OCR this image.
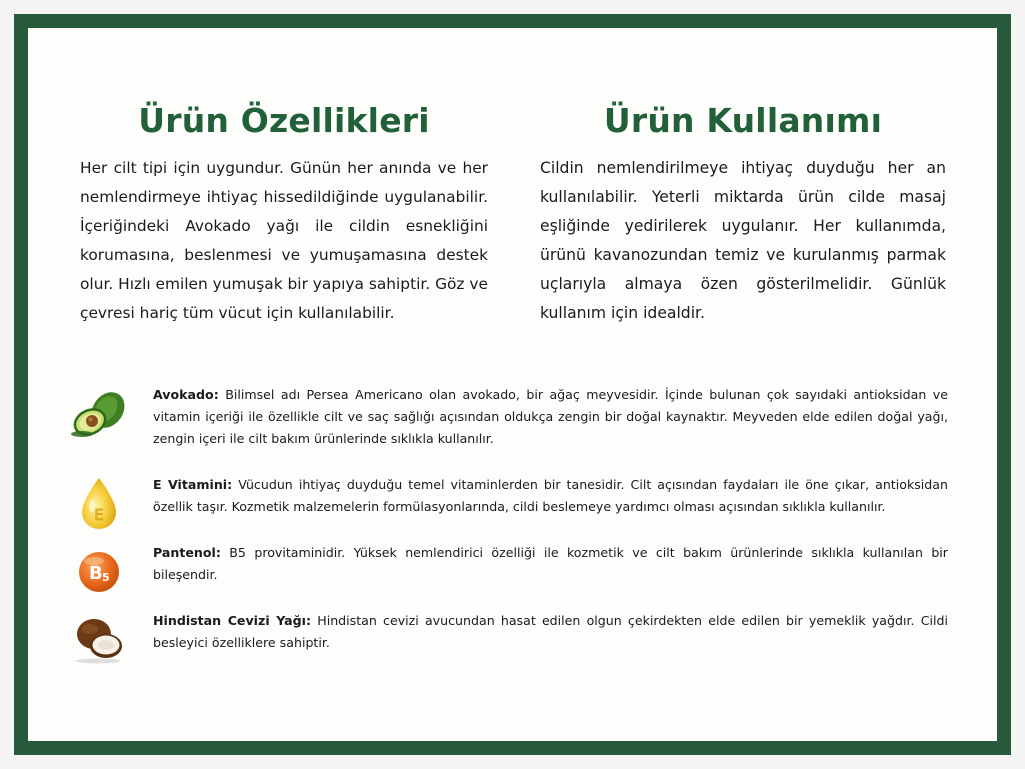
Ürün Özellikleri

Her cilt tipi için uygundur. Günün her anında ve her nemlendirmeye ihtiyaç hissedildiğinde uygulanabilir. İçeriğindeki Avokado yağı ile cildin esnekliğini korumasına, beslenmesi ve yumuşamasına destek olur. Hızlı emilen yumuşak bir yapıya sahiptir. Göz ve çevresi hariç tüm vücut için kullanılabilir.

Ürün Kullanımı

Cildin nemlendirilmeye ihtiyaç duyduğu her an kullanılabilir. Yeterli miktarda ürün cilde masaj eşliğinde yedirilerek uygulanır. Her kullanımda, ürünü kavanozundan temiz ve kurulanmış parmak uçlarıyla almaya özen gösterilmelidir. Günlük kullanım için idealdir.

Avokado: Bilimsel adı Persea Americano olan avokado, bir ağaç meyvesidir. İçinde bulunan çok sayıdaki antioksidan ve vitamin içeriği ile özellikle cilt ve saç sağlığı açısından oldukça zengin bir doğal kaynaktır. Meyveden elde edilen doğal yağı, zengin içeri ile cilt bakım ürünlerinde sıklıkla kullanılır.

E

E Vitamini: Vücudun ihtiyaç duyduğu temel vitaminlerden bir tanesidir. Cilt açısından faydaları ile öne çıkar, antioksidan özellik taşır. Kozmetik malzemelerin formülasyonlarında, cildi beslemeye yardımcı olması açısından sıklıkla kullanılır.

B 5

Pantenol: B5 provitaminidir. Yüksek nemlendirici özelliği ile kozmetik ve cilt bakım ürünlerinde sıklıkla kullanılan bir bileşendir.

Hindistan Cevizi Yağı: Hindistan cevizi avucundan hasat edilen olgun çekirdekten elde edilen bir yemeklik yağdır. Cildi besleyici özelliklere sahiptir.
